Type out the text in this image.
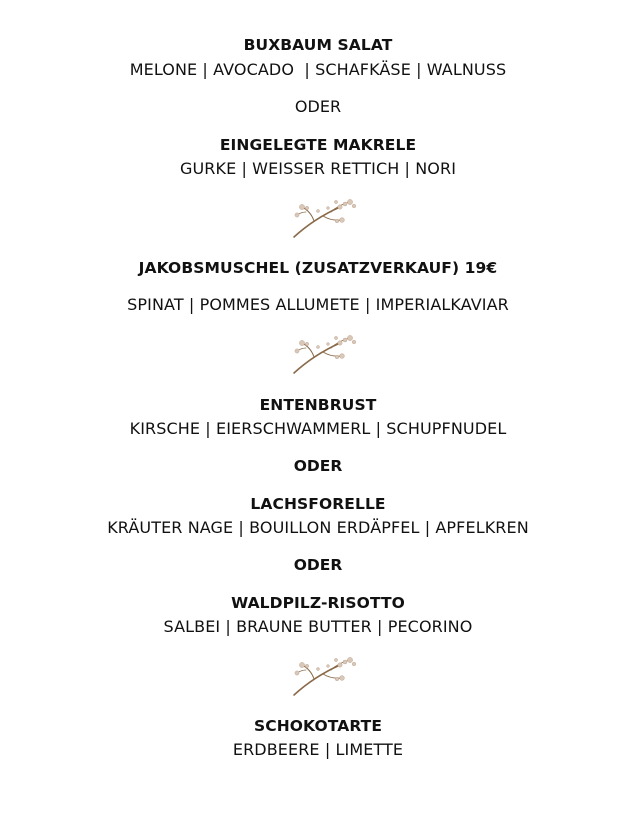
BUXBAUM SALAT
MELONE | AVOCADO  | SCHAFKÄSE | WALNUSS
ODER
EINGELEGTE MAKRELE
GURKE | WEISSER RETTICH | NORI
JAKOBSMUSCHEL (ZUSATZVERKAUF) 19€
SPINAT | POMMES ALLUMETE | IMPERIALKAVIAR
ENTENBRUST
KIRSCHE | EIERSCHWAMMERL | SCHUPFNUDEL
ODER
LACHSFORELLE
KRÄUTER NAGE | BOUILLON ERDÄPFEL | APFELKREN
ODER
WALDPILZ-RISOTTO
SALBEI | BRAUNE BUTTER | PECORINO
SCHOKOTARTE
ERDBEERE | LIMETTE
